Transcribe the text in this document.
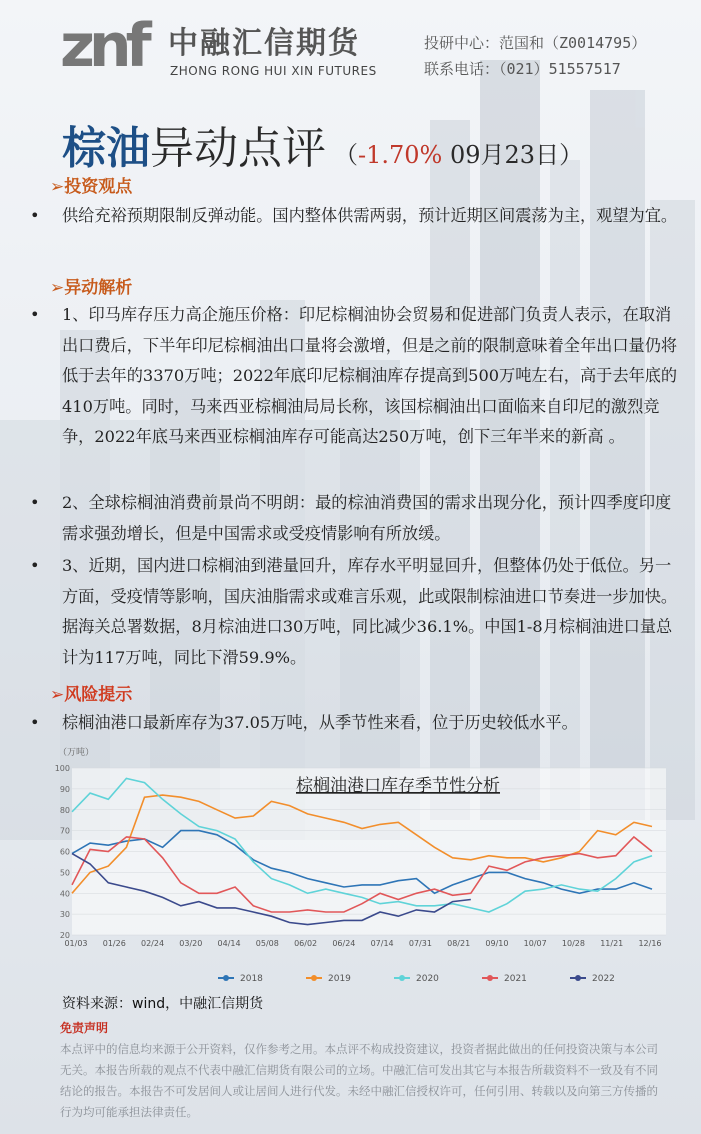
znf 中融汇信期货
ZHONG RONG HUI XIN FUTURES
投研中心：范国和（Z0014795）
联系电话：（021）51557517
棕油异动点评 （-1.70% 09月23日）
➢投资观点
• 供给充裕预期限制反弹动能。国内整体供需两弱，预计近期区间震荡为主，观望为宜。
➢异动解析
• 1、印马库存压力高企施压价格：印尼棕榈油协会贸易和促进部门负责人表示，在取消出口费后，下半年印尼棕榈油出口量将会激增，但是之前的限制意味着全年出口量仍将低于去年的3370万吨；2022年底印尼棕榈油库存提高到500万吨左右，高于去年底的410万吨。同时，马来西亚棕榈油局局长称，该国棕榈油出口面临来自印尼的激烈竞争，2022年底马来西亚棕榈油库存可能高达250万吨，创下三年半来的新高 。
• 2、全球棕榈油消费前景尚不明朗：最的棕油消费国的需求出现分化，预计四季度印度需求强劲增长，但是中国需求或受疫情影响有所放缓。
• 3、近期，国内进口棕榈油到港量回升，库存水平明显回升，但整体仍处于低位。另一方面，受疫情等影响，国庆油脂需求或难言乐观，此或限制棕油进口节奏进一步加快。据海关总署数据，8月棕油进口30万吨，同比减少36.1%。中国1-8月棕榈油进口量总计为117万吨，同比下滑59.9%。
➢风险提示
• 棕榈油港口最新库存为37.05万吨，从季节性来看，位于历史较低水平。
（万吨）
20
30
40
50
60
70
80
90
100
01/03 01/26 02/24 03/20 04/14 05/08 06/02 06/24 07/14 07/31 08/21 09/10 10/07 10/28 11/21 12/16
棕榈油港口库存季节性分析
2018	2019	2020	2021	2022
资料来源：wind，中融汇信期货
免责声明
本点评中的信息均来源于公开资料，仅作参考之用。本点评不构成投资建议，投资者据此做出的任何投资决策与本公司无关。本报告所载的观点不代表中融汇信期货有限公司的立场。中融汇信可发出其它与本报告所载资料不一致及有不同结论的报告。本报告不可发居间人或让居间人进行代发。未经中融汇信授权许可，任何引用、转载以及向第三方传播的行为均可能承担法律责任。
